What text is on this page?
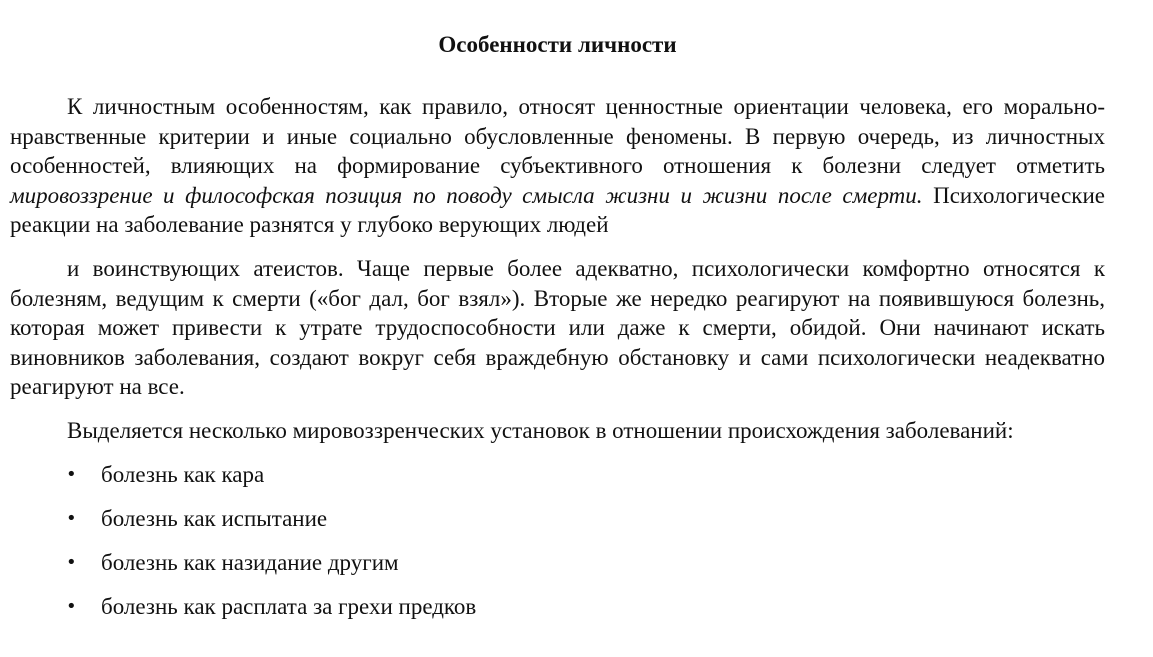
Особенности личности

К личностным особенностям, как правило, относят ценностные ориентации человека, его морально-нравственные критерии и иные социально обусловленные феномены. В первую очередь, из личностных особенностей, влияющих на формирование субъективного отношения к болезни следует отметить мировоззрение и философская позиция по поводу смысла жизни и жизни после смерти. Психологические реакции на заболевание разнятся у глубоко верующих людей

и воинствующих атеистов. Чаще первые более адекватно, психологически комфортно относятся к болезням, ведущим к смерти («бог дал, бог взял»). Вторые же нередко реагируют на появившуюся болезнь, которая может привести к утрате трудоспособности или даже к смерти, обидой. Они начинают искать виновников заболевания, создают вокруг себя враждебную обстановку и сами психологически неадекватно реагируют на все.

Выделяется несколько мировоззренческих установок в отношении происхождения заболеваний:

• болезнь как кара
• болезнь как испытание
• болезнь как назидание другим
• болезнь как расплата за грехи предков
